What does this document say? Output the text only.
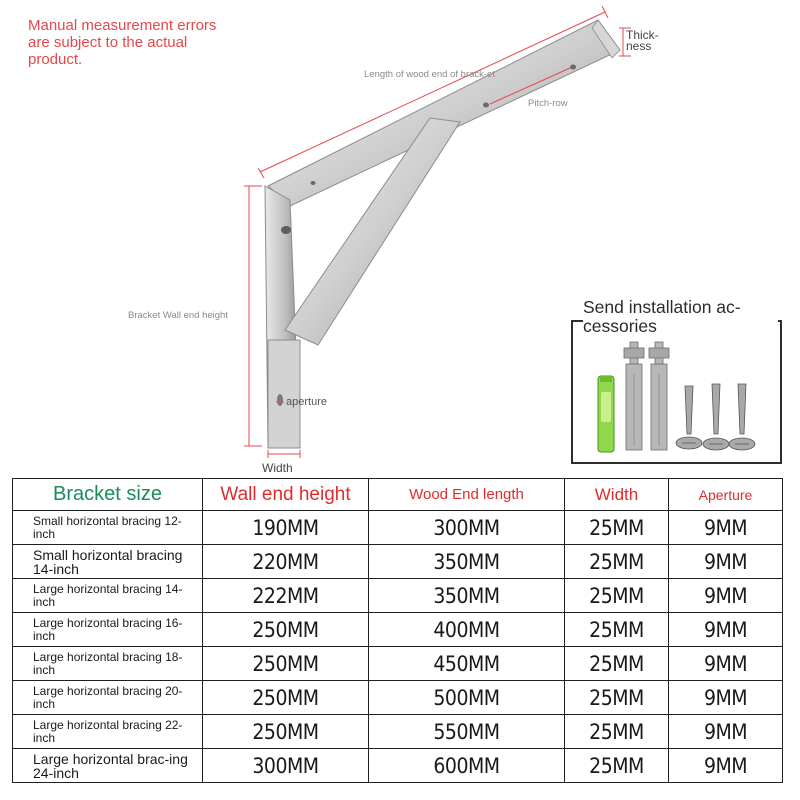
Manual measurement errors are subject to the actual product.
Thick-ness
Length of wood end of brack-et
Pitch-row
Bracket Wall end height
aperture
Width
Send installation ac-cessories
Bracket size	Wall end height	Wood End length	Width	Aperture
Small horizontal bracing 12-inch	190MM	300MM	25MM	9MM
Small horizontal bracing 14-inch	220MM	350MM	25MM	9MM
Large horizontal bracing 14-inch	222MM	350MM	25MM	9MM
Large horizontal bracing 16-inch	250MM	400MM	25MM	9MM
Large horizontal bracing 18-inch	250MM	450MM	25MM	9MM
Large horizontal bracing 20-inch	250MM	500MM	25MM	9MM
Large horizontal bracing 22-inch	250MM	550MM	25MM	9MM
Large horizontal brac-ing 24-inch	300MM	600MM	25MM	9MM
